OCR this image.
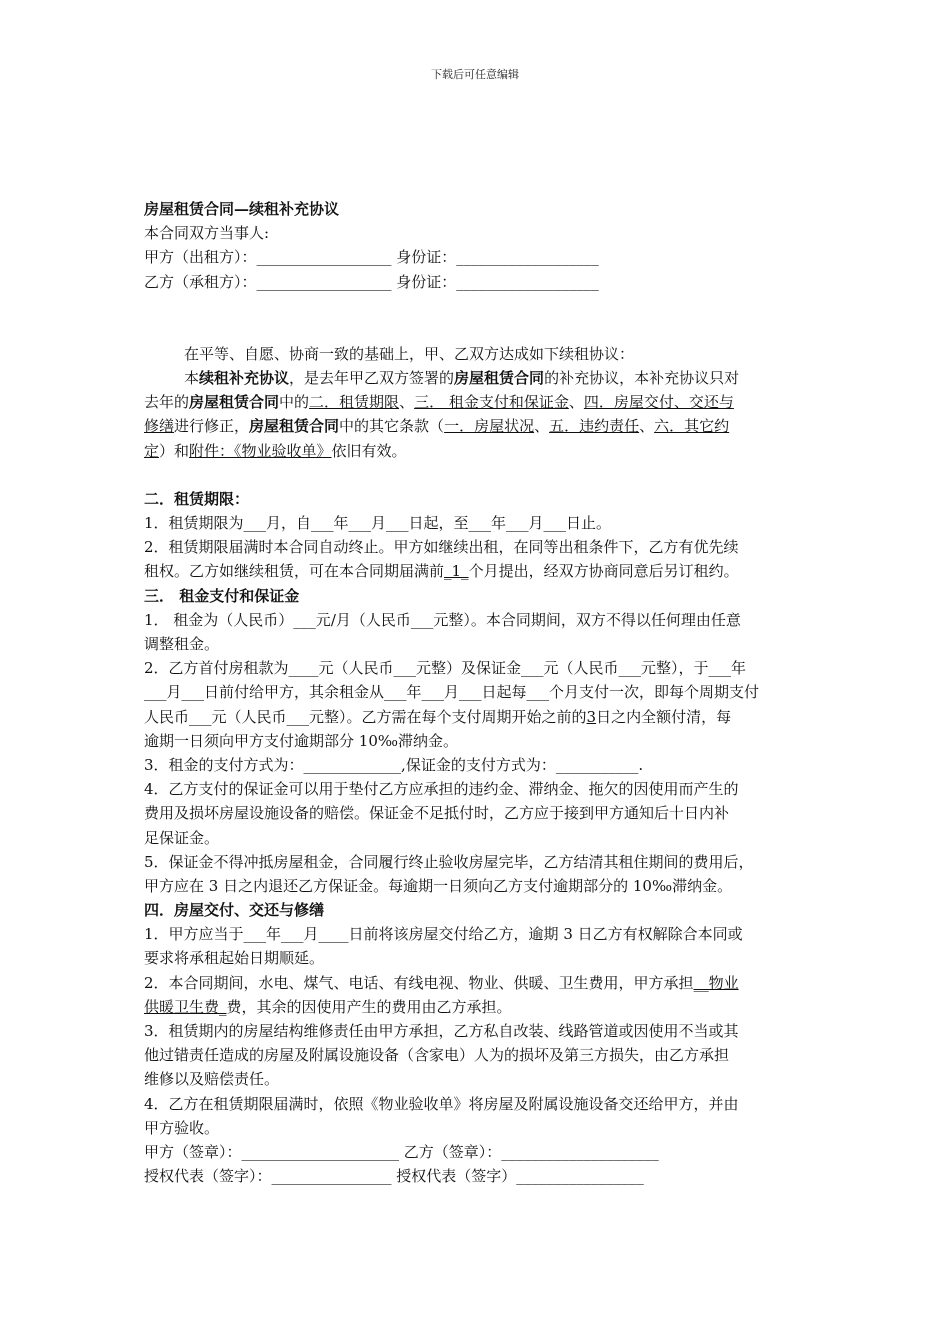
下载后可任意编辑
房屋租赁合同—续租补充协议
本合同双方当事人:
甲方（出租方）：__________________ 身份证：___________________
乙方（承租方）：__________________ 身份证：___________________
在平等、自愿、协商一致的基础上，甲、乙双方达成如下续租协议：
本续租补充协议，是去年甲乙双方签署的房屋租赁合同的补充协议，本补充协议只对
去年的房屋租赁合同中的二．租赁期限、三． 租金支付和保证金、四．房屋交付、交还与
修缮进行修正，房屋租赁合同中的其它条款（一．房屋状况、五．违约责任、六．其它约
定）和附件：《物业验收单》依旧有效。
二．租赁期限：
1．租赁期限为___月，自___年___月___日起，至___年___月___日止。
2．租赁期限届满时本合同自动终止。甲方如继续出租，在同等出租条件下，乙方有优先续
租权。乙方如继续租赁，可在本合同期届满前_1_个月提出，经双方协商同意后另订租约。
三． 租金支付和保证金
1． 租金为（人民币）___元/月（人民币___元整）。本合同期间，双方不得以任何理由任意
调整租金。
2．乙方首付房租款为____元（人民币___元整）及保证金___元（人民币___元整），于___年
___月___日前付给甲方，其余租金从___年___月___日起每___个月支付一次，即每个周期支付
人民币___元（人民币___元整）。乙方需在每个支付周期开始之前的3日之内全额付清，每
逾期一日须向甲方支付逾期部分 10‰滞纳金。
3．租金的支付方式为：_____________,保证金的支付方式为：___________.
4．乙方支付的保证金可以用于垫付乙方应承担的违约金、滞纳金、拖欠的因使用而产生的
费用及损坏房屋设施设备的赔偿。保证金不足抵付时，乙方应于接到甲方通知后十日内补
足保证金。
5．保证金不得冲抵房屋租金，合同履行终止验收房屋完毕，乙方结清其租住期间的费用后，
甲方应在 3 日之内退还乙方保证金。每逾期一日须向乙方支付逾期部分的 10‰滞纳金。
四．房屋交付、交还与修缮
1．甲方应当于___年___月____日前将该房屋交付给乙方，逾期 3 日乙方有权解除合本同或
要求将承租起始日期顺延。
2．本合同期间，水电、煤气、电话、有线电视、物业、供暖、卫生费用，甲方承担__物业
供暖卫生费_费，其余的因使用产生的费用由乙方承担。
3．租赁期内的房屋结构维修责任由甲方承担，乙方私自改装、线路管道或因使用不当或其
他过错责任造成的房屋及附属设施设备（含家电）人为的损坏及第三方损失，由乙方承担
维修以及赔偿责任。
4．乙方在租赁期限届满时，依照《物业验收单》将房屋及附属设施设备交还给甲方，并由
甲方验收。
甲方（签章）：_____________________ 乙方（签章）：_____________________
授权代表（签字）：________________ 授权代表（签字）_________________
